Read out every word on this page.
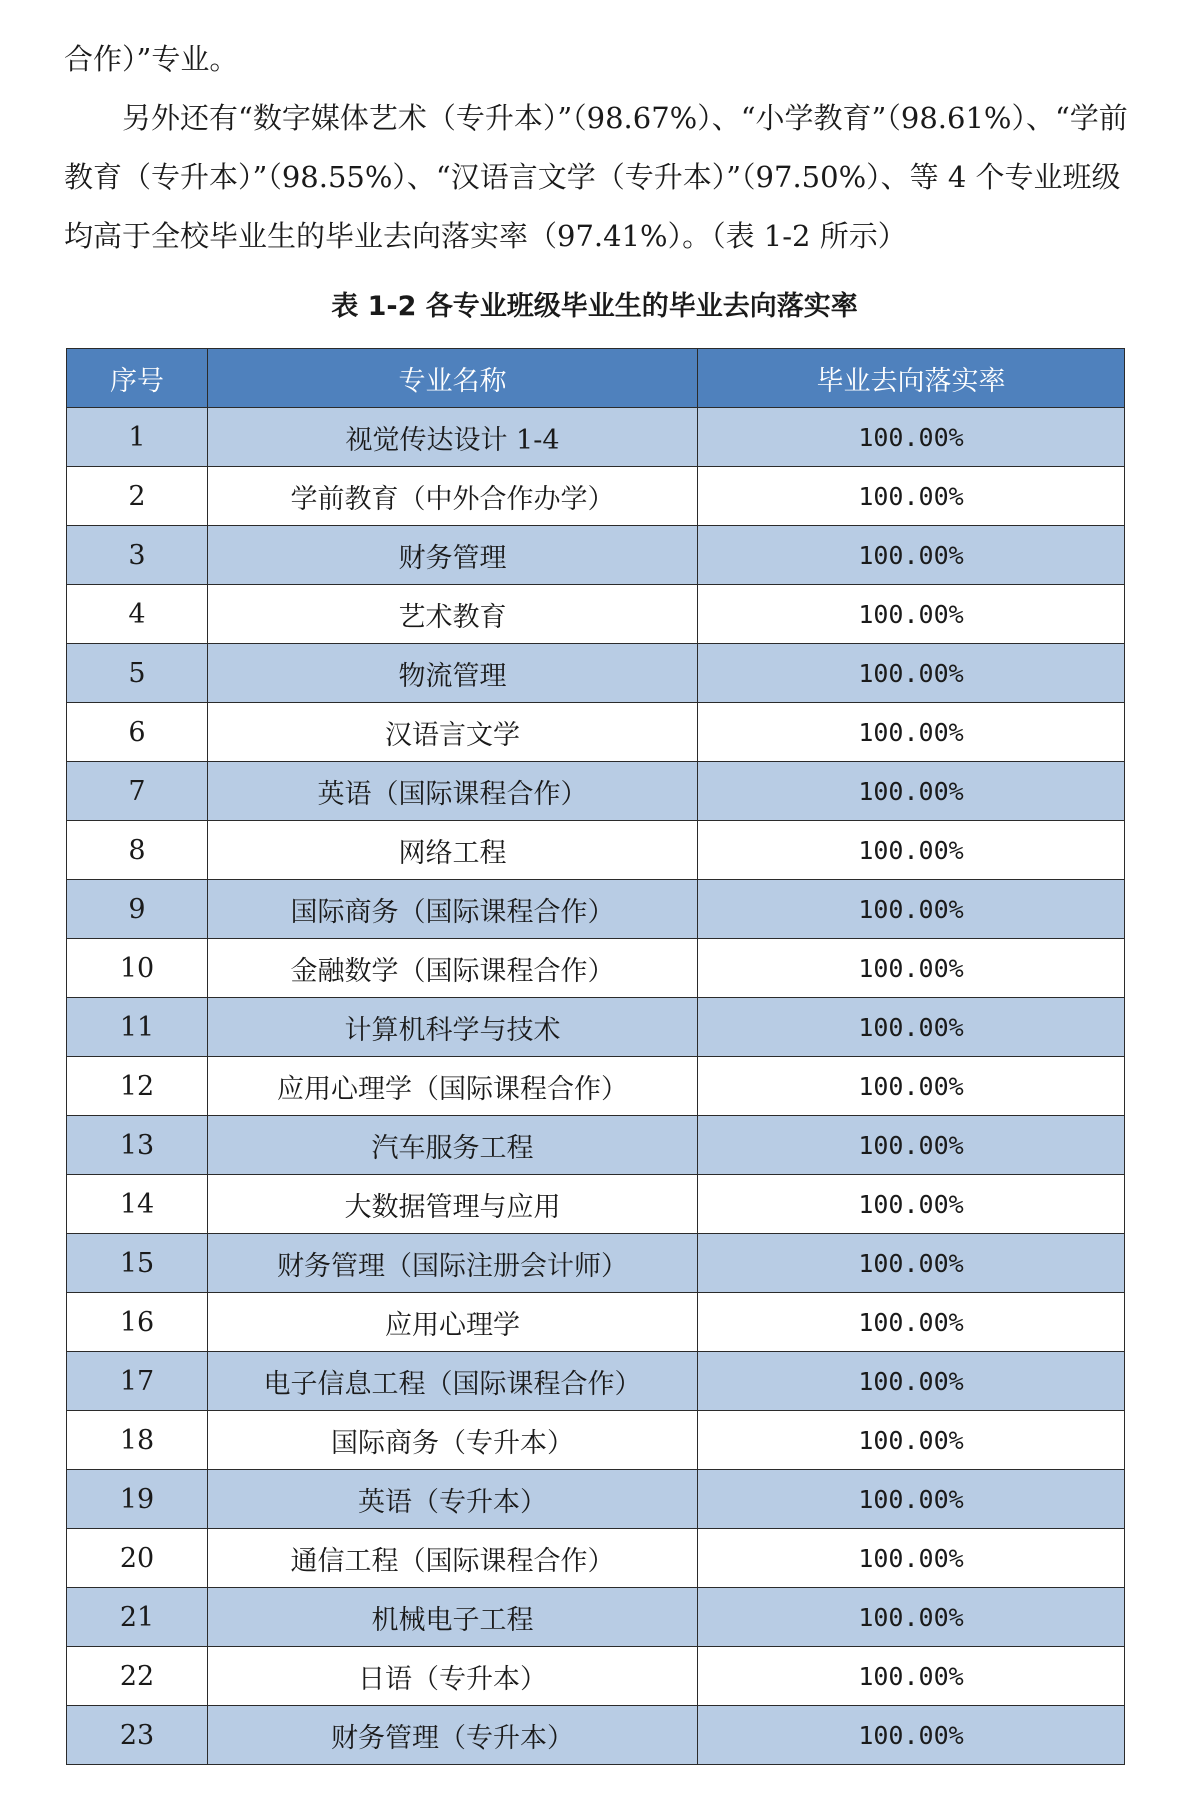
合作）”专业。

另外还有“数字媒体艺术（专升本）”（98.67%）、“小学教育”（98.61%）、“学前教育（专升本）”（98.55%）、“汉语言文学（专升本）”（97.50%）、等 4 个专业班级均高于全校毕业生的毕业去向落实率（97.41%）。（表 1-2 所示）

表 1-2 各专业班级毕业生的毕业去向落实率
序号	专业名称	毕业去向落实率
1	视觉传达设计 1-4	100.00%
2	学前教育（中外合作办学）	100.00%
3	财务管理	100.00%
4	艺术教育	100.00%
5	物流管理	100.00%
6	汉语言文学	100.00%
7	英语（国际课程合作）	100.00%
8	网络工程	100.00%
9	国际商务（国际课程合作）	100.00%
10	金融数学（国际课程合作）	100.00%
11	计算机科学与技术	100.00%
12	应用心理学（国际课程合作）	100.00%
13	汽车服务工程	100.00%
14	大数据管理与应用	100.00%
15	财务管理（国际注册会计师）	100.00%
16	应用心理学	100.00%
17	电子信息工程（国际课程合作）	100.00%
18	国际商务（专升本）	100.00%
19	英语（专升本）	100.00%
20	通信工程（国际课程合作）	100.00%
21	机械电子工程	100.00%
22	日语（专升本）	100.00%
23	财务管理（专升本）	100.00%
